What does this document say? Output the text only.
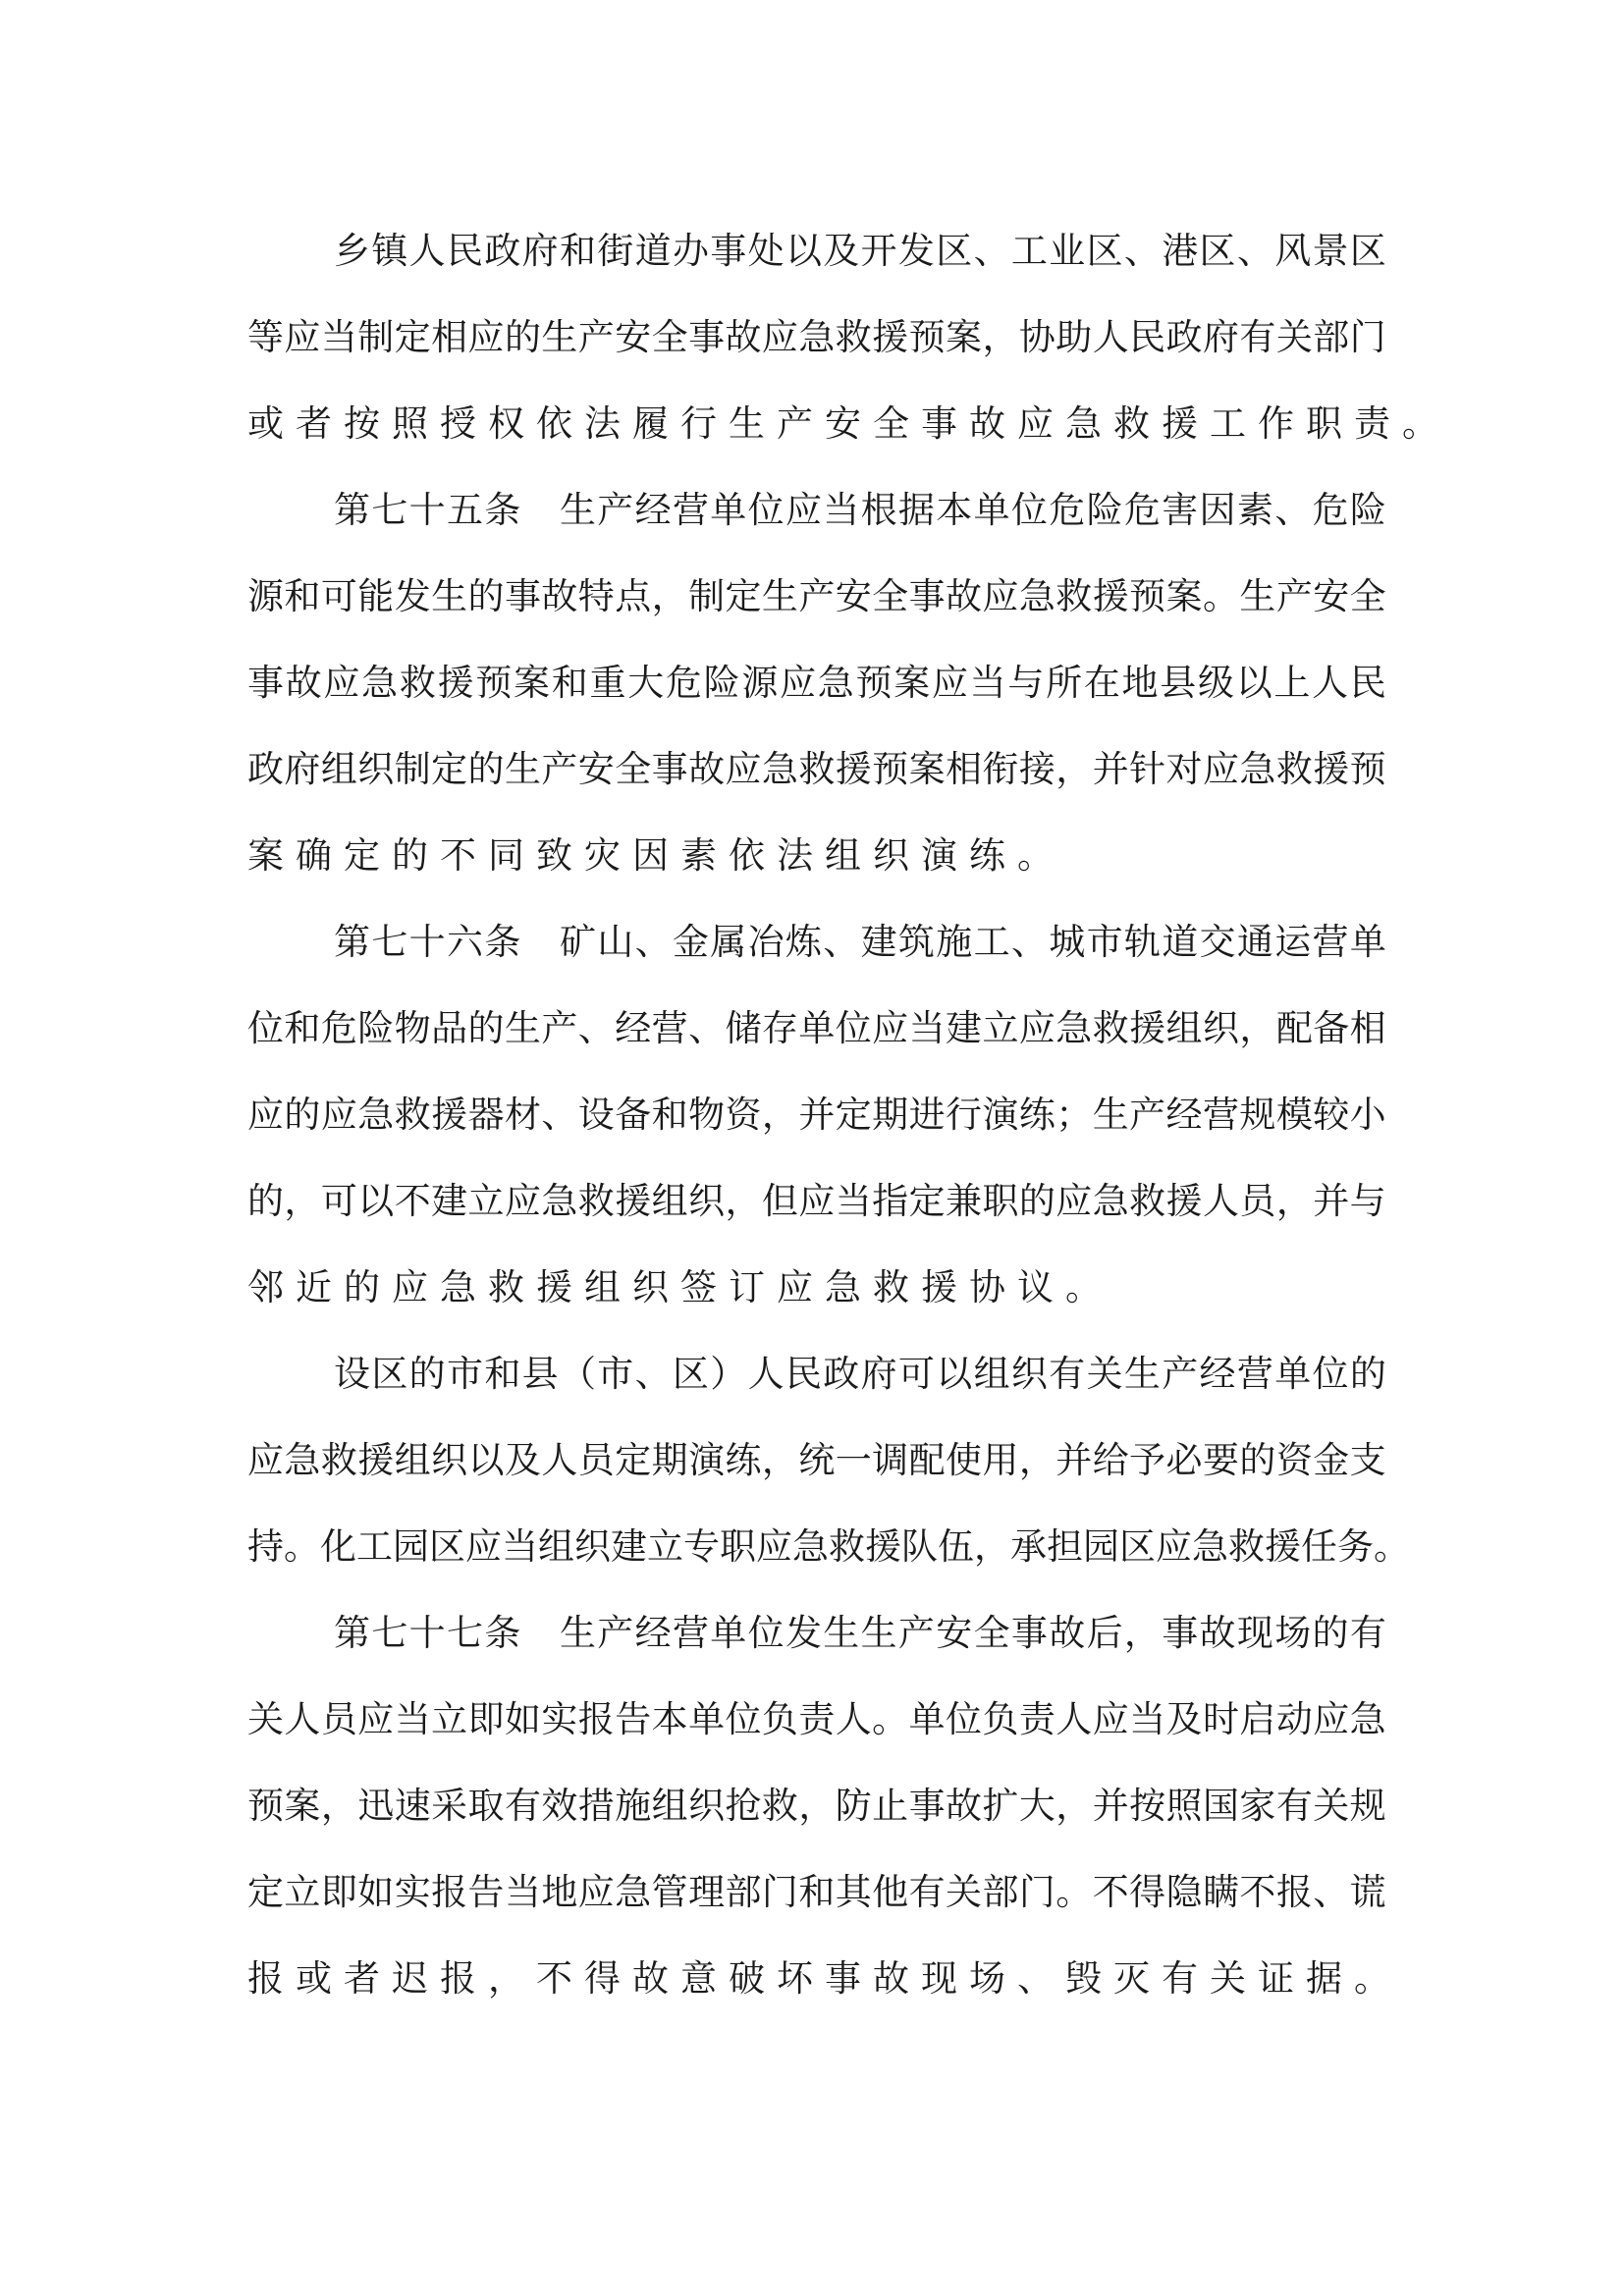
乡 镇 人 民 政 府 和 街 道 办 事 处 以 及 开 发 区 、 工 业 区 、 港 区 、 风 景 区
等 应 当 制 定 相 应 的 生 产 安 全 事 故 应 急 救 援 预 案 ， 协 助 人 民 政 府 有 关 部 门
或 者 按 照 授 权 依 法 履 行 生 产 安 全 事 故 应 急 救 援 工 作 职 责 。
第 七 十 五 条
　 生 产 经 营 单 位 应 当 根 据 本 单 位 危 险 危 害 因 素 、 危 险
源 和 可 能 发 生 的 事 故 特 点 ， 制 定 生 产 安 全 事 故 应 急 救 援 预 案 。 生 产 安 全
事 故 应 急 救 援 预 案 和 重 大 危 险 源 应 急 预 案 应 当 与 所 在 地 县 级 以 上 人 民
政 府 组 织 制 定 的 生 产 安 全 事 故 应 急 救 援 预 案 相 衔 接 ， 并 针 对 应 急 救 援 预
案 确 定 的 不 同 致 灾 因 素 依 法 组 织 演 练 。
第 七 十 六 条
　 矿 山 、 金 属 冶 炼 、 建 筑 施 工 、 城 市 轨 道 交 通 运 营 单
位 和 危 险 物 品 的 生 产 、 经 营 、 储 存 单 位 应 当 建 立 应 急 救 援 组 织 ， 配 备 相
应 的 应 急 救 援 器 材 、 设 备 和 物 资 ， 并 定 期 进 行 演 练 ； 生 产 经 营 规 模 较 小
的 ， 可 以 不 建 立 应 急 救 援 组 织 ， 但 应 当 指 定 兼 职 的 应 急 救 援 人 员 ， 并 与
邻 近 的 应 急 救 援 组 织 签 订 应 急 救 援 协 议 。
设 区 的 市 和 县 （ 市 、 区 ） 人 民 政 府 可 以 组 织 有 关 生 产 经 营 单 位 的
应 急 救 援 组 织 以 及 人 员 定 期 演 练 ， 统 一 调 配 使 用 ， 并 给 予 必 要 的 资 金 支
持 。 化 工 园 区 应 当 组 织 建 立 专 职 应 急 救 援 队 伍 ， 承 担 园 区 应 急 救 援 任 务 。
第 七 十 七 条
　 生 产 经 营 单 位 发 生 生 产 安 全 事 故 后 ， 事 故 现 场 的 有
关 人 员 应 当 立 即 如 实 报 告 本 单 位 负 责 人 。 单 位 负 责 人 应 当 及 时 启 动 应 急
预 案 ， 迅 速 采 取 有 效 措 施 组 织 抢 救 ， 防 止 事 故 扩 大 ， 并 按 照 国 家 有 关 规
定 立 即 如 实 报 告 当 地 应 急 管 理 部 门 和 其 他 有 关 部 门 。 不 得 隐 瞒 不 报 、 谎
报 或 者 迟 报 ， 不 得 故 意 破 坏 事 故 现 场 、 毁 灭 有 关 证 据 。
